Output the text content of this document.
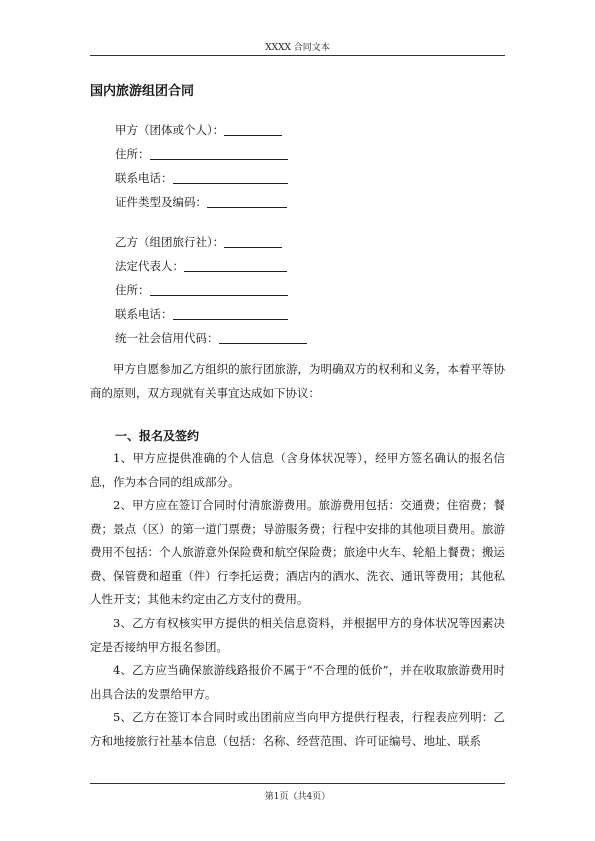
XXXX 合同文本
国内旅游组团合同
甲方（团体或个人）：
住所：
联系电话：
证件类型及编码：
乙方（组团旅行社）：
法定代表人：
住所：
联系电话：
统一社会信用代码：

甲方自愿参加乙方组织的旅行团旅游，为明确双方的权利和义务，本着平等协商的原则，双方现就有关事宜达成如下协议：

一、报名及签约

1、甲方应提供准确的个人信息（含身体状况等），经甲方签名确认的报名信息，作为本合同的组成部分。

2、甲方应在签订合同时付清旅游费用。旅游费用包括：交通费；住宿费；餐费；景点（区）的第一道门票费；导游服务费；行程中安排的其他项目费用。旅游费用不包括：个人旅游意外保险费和航空保险费；旅途中火车、轮船上餐费；搬运费、保管费和超重（件）行李托运费；酒店内的酒水、洗衣、通讯等费用；其他私人性开支；其他未约定由乙方支付的费用。

3、乙方有权核实甲方提供的相关信息资料，并根据甲方的身体状况等因素决定是否接纳甲方报名参团。

4、乙方应当确保旅游线路报价不属于“不合理的低价”，并在收取旅游费用时出具合法的发票给甲方。

5、乙方在签订本合同时或出团前应当向甲方提供行程表，行程表应列明：乙方和地接旅行社基本信息（包括：名称、经营范围、许可证编号、地址、联系

第1页（共4页）
